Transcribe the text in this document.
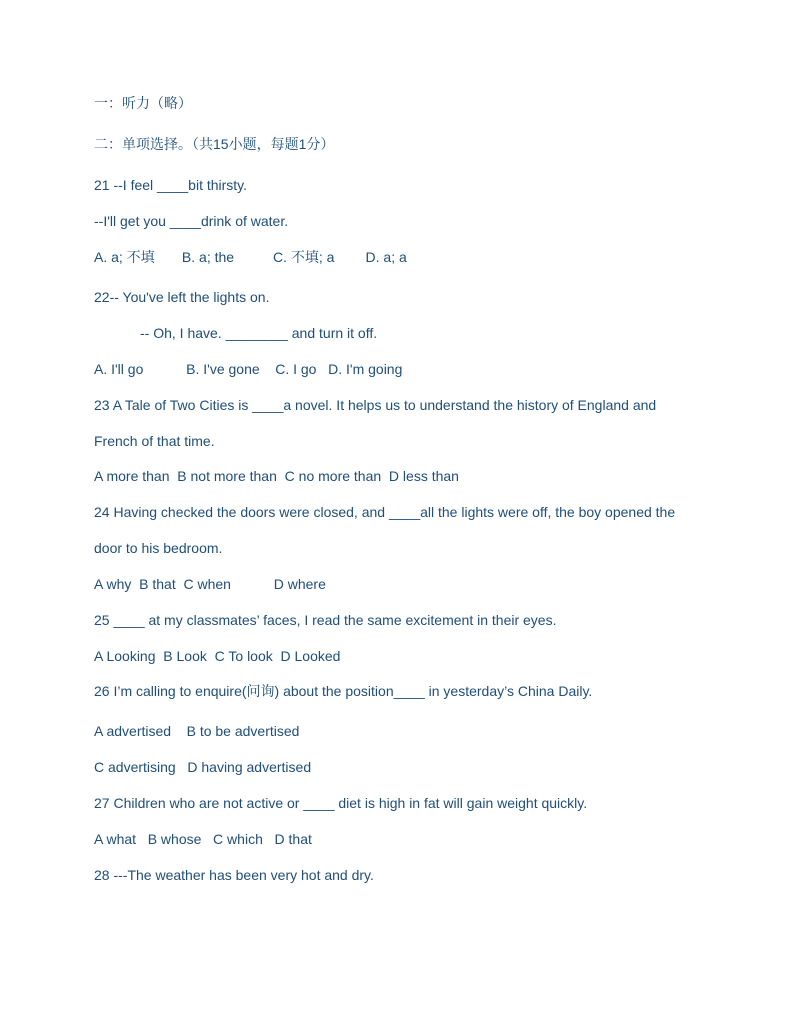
一：听力（略）
二：单项选择。（共15小题，每题1分）
21 --I feel ____bit thirsty.
--I'll get you ____drink of water.
A. a; 不填       B. a; the          C. 不填; a        D. a; a
22-- You've left the lights on.
-- Oh, I have. ________ and turn it off.
A. I'll go           B. I've gone    C. I go   D. I'm going
23 A Tale of Two Cities is ____a novel. It helps us to understand the history of England and
French of that time.
A more than  B not more than  C no more than  D less than
24 Having checked the doors were closed, and ____all the lights were off, the boy opened the
door to his bedroom.
A why  B that  C when           D where
25 ____ at my classmates’ faces, I read the same excitement in their eyes.
A Looking  B Look  C To look  D Looked
26 I’m calling to enquire(问询) about the position____ in yesterday’s China Daily.
A advertised    B to be advertised
C advertising   D having advertised
27 Children who are not active or ____ diet is high in fat will gain weight quickly.
A what   B whose   C which   D that
28 ---The weather has been very hot and dry.
